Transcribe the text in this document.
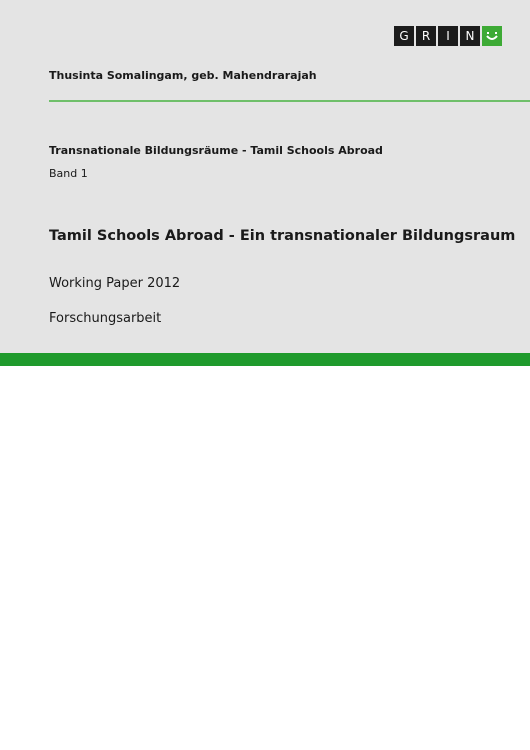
G	R	I	N
Thusinta Somalingam, geb. Mahendrarajah
Transnationale Bildungsräume - Tamil Schools Abroad
Band 1
Tamil Schools Abroad - Ein transnationaler Bildungsraum
Working Paper 2012
Forschungsarbeit
